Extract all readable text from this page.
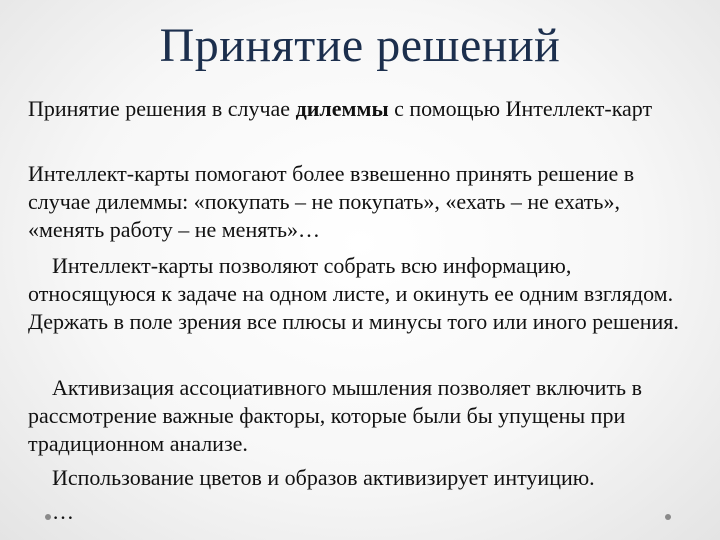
Принятие решений

Принятие решения в случае дилеммы с помощью Интеллект-карт

Интеллект-карты помогают более взвешенно принять решение в случае дилеммы: «покупать – не покупать», «ехать – не ехать», «менять работу – не менять»…

Интеллект-карты позволяют собрать всю информацию, относящуюся к задаче на одном листе, и окинуть ее одним взглядом. Держать в поле зрения все плюсы и минусы того или иного решения.

Активизация ассоциативного мышления позволяет включить в рассмотрение важные факторы, которые были бы упущены при традиционном анализе.

Использование цветов и образов активизирует интуицию.

…
